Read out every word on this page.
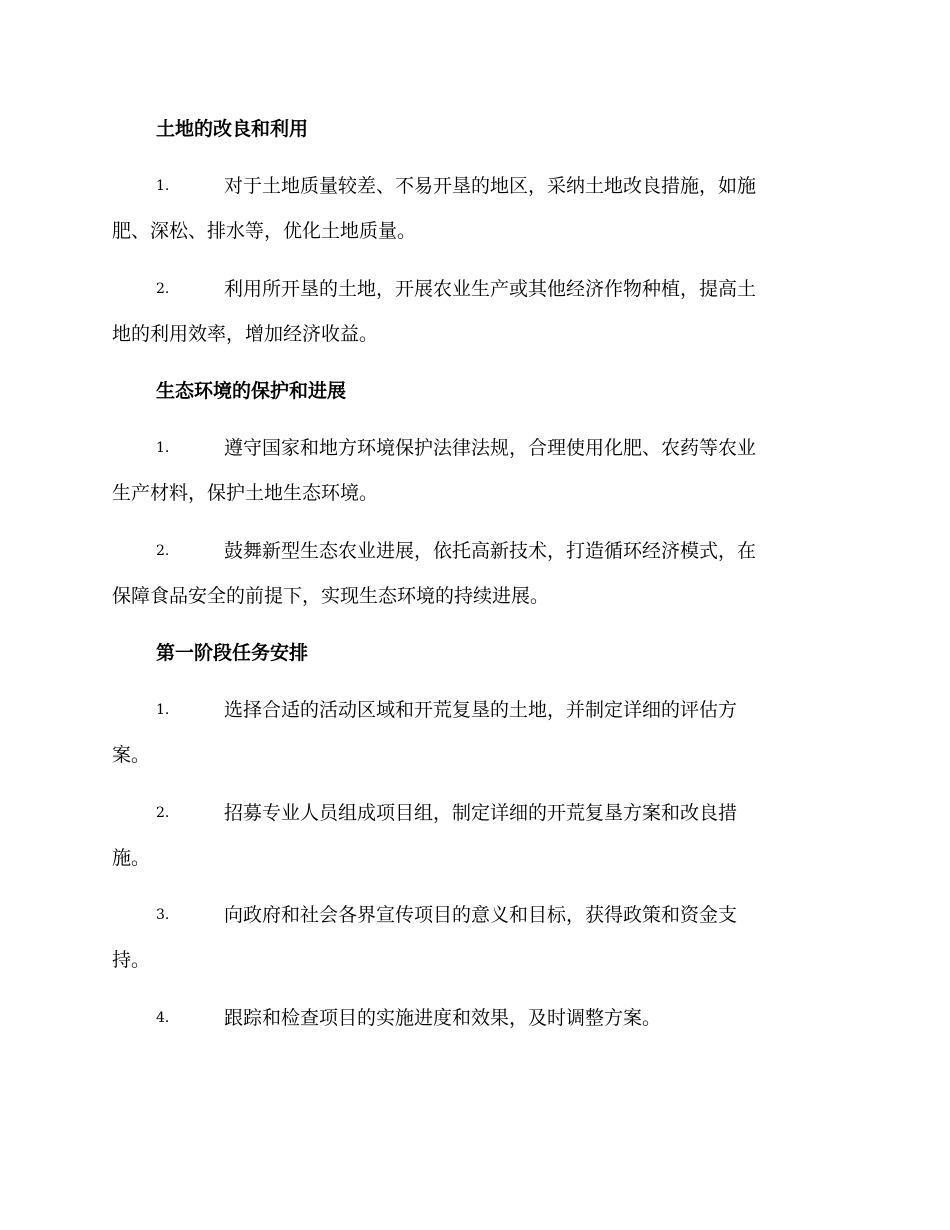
土地的改良和利用
1.	对于土地质量较差、不易开垦的地区，采纳土地改良措施，如施
肥、深松、排水等，优化土地质量。
2.	利用所开垦的土地，开展农业生产或其他经济作物种植，提高土
地的利用效率，增加经济收益。
生态环境的保护和进展
1.	遵守国家和地方环境保护法律法规，合理使用化肥、农药等农业
生产材料，保护土地生态环境。
2.	鼓舞新型生态农业进展，依托高新技术，打造循环经济模式，在
保障食品安全的前提下，实现生态环境的持续进展。
第一阶段任务安排
1.	选择合适的活动区域和开荒复垦的土地，并制定详细的评估方
案。
2.	招募专业人员组成项目组，制定详细的开荒复垦方案和改良措
施。
3.	向政府和社会各界宣传项目的意义和目标，获得政策和资金支
持。
4.	跟踪和检查项目的实施进度和效果，及时调整方案。
